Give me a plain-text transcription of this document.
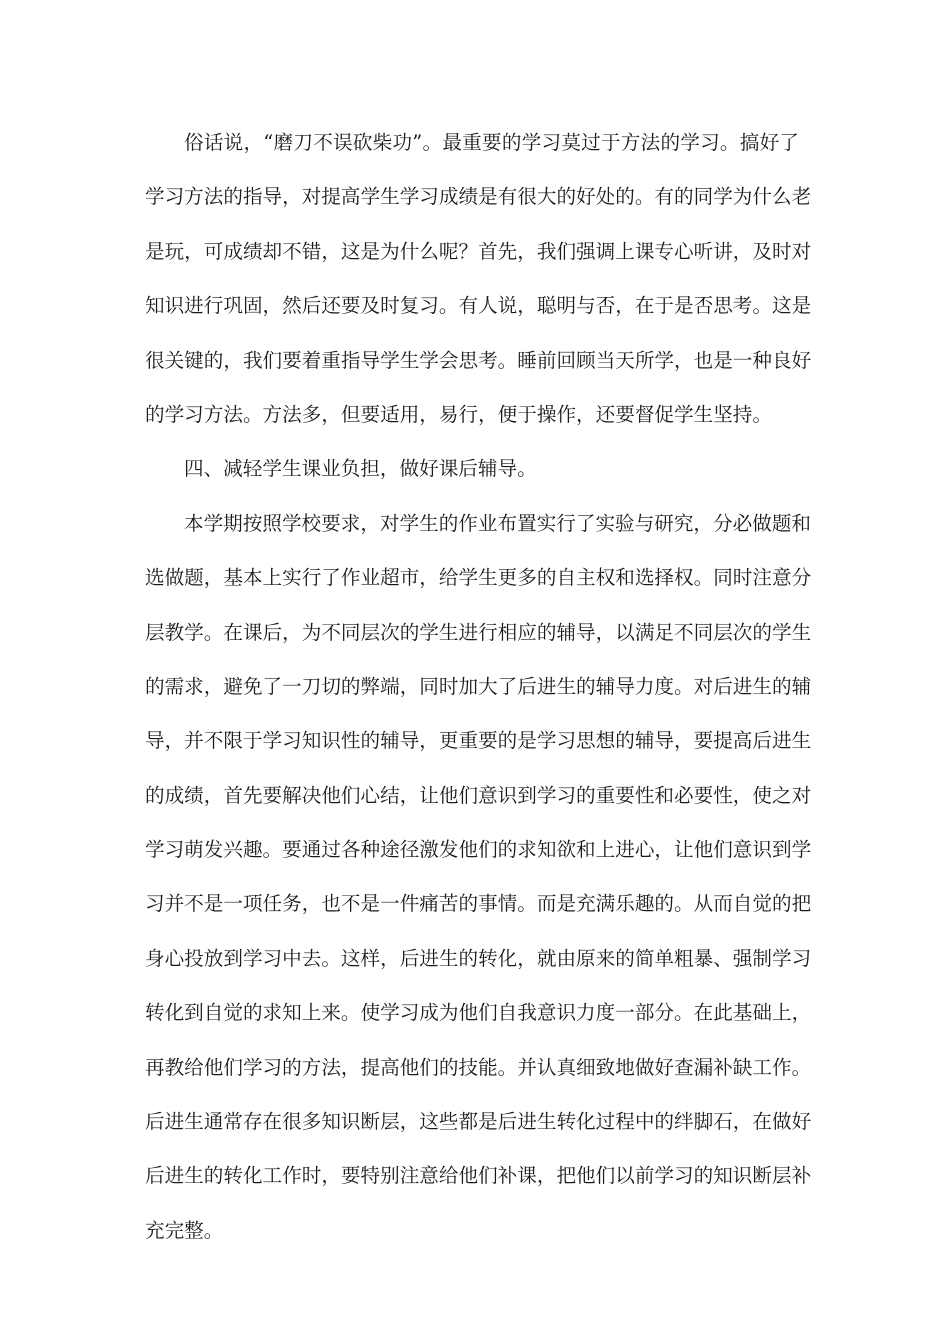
俗话说，“磨刀不误砍柴功”。最重要的学习莫过于方法的学习。搞好了
学习方法的指导，对提高学生学习成绩是有很大的好处的。有的同学为什么老
是玩，可成绩却不错，这是为什么呢？首先，我们强调上课专心听讲，及时对
知识进行巩固，然后还要及时复习。有人说，聪明与否，在于是否思考。这是
很关键的，我们要着重指导学生学会思考。睡前回顾当天所学，也是一种良好
的学习方法。方法多，但要适用，易行，便于操作，还要督促学生坚持。
四、减轻学生课业负担，做好课后辅导。
本学期按照学校要求，对学生的作业布置实行了实验与研究，分必做题和
选做题，基本上实行了作业超市，给学生更多的自主权和选择权。同时注意分
层教学。在课后，为不同层次的学生进行相应的辅导，以满足不同层次的学生
的需求，避免了一刀切的弊端，同时加大了后进生的辅导力度。对后进生的辅
导，并不限于学习知识性的辅导，更重要的是学习思想的辅导，要提高后进生
的成绩，首先要解决他们心结，让他们意识到学习的重要性和必要性，使之对
学习萌发兴趣。要通过各种途径激发他们的求知欲和上进心，让他们意识到学
习并不是一项任务，也不是一件痛苦的事情。而是充满乐趣的。从而自觉的把
身心投放到学习中去。这样，后进生的转化，就由原来的简单粗暴、强制学习
转化到自觉的求知上来。使学习成为他们自我意识力度一部分。在此基础上，
再教给他们学习的方法，提高他们的技能。并认真细致地做好查漏补缺工作。
后进生通常存在很多知识断层，这些都是后进生转化过程中的绊脚石，在做好
后进生的转化工作时，要特别注意给他们补课，把他们以前学习的知识断层补
充完整。
